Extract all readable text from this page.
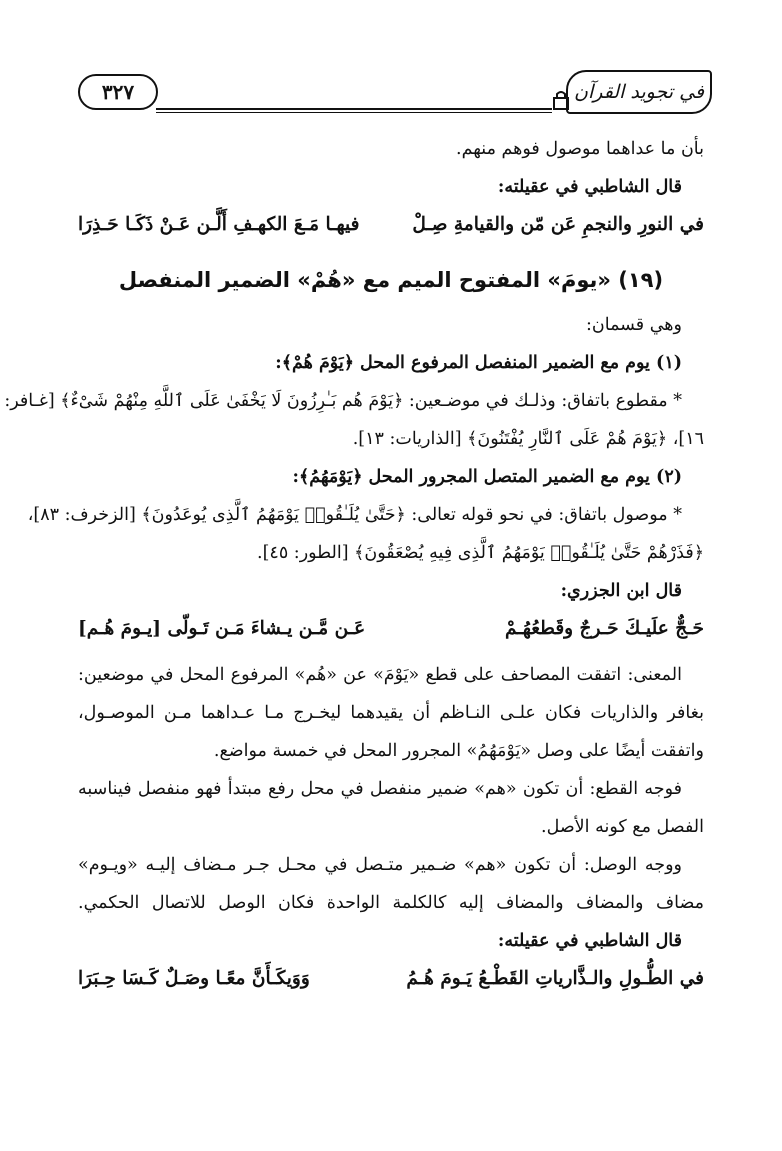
في تجويد القرآن
٣٢٧
بأن ما عداهما موصول فوهم منهم.
قال الشاطبي في عقيلته:
في النورِ والنجمِ عَن مّن والقيامةِ صِـلْ
فيهـا مَـعَ الكهـفِ أَلَّـن عَـنْ ذَكَـا حَـذِرَا
(١٩) «يومَ» المفتوح الميم مع «هُمْ» الضمير المنفصل
وهي قسمان:
(١) يوم مع الضمير المنفصل المرفوع المحل ﴿يَوْمَ هُمْ﴾:
* مقطوع باتفاق: وذلـك في موضـعين: ﴿يَوْمَ هُم بَـٰرِزُونَ لَا يَخْفَىٰ عَلَى ٱللَّهِ مِنْهُمْ شَىْءٌ﴾ [غـافر:
١٦]، ﴿يَوْمَ هُمْ عَلَى ٱلنَّارِ يُفْتَنُونَ﴾ [الذاريات: ١٣].
(٢) يوم مع الضمير المتصل المجرور المحل ﴿يَوْمَهُمُ﴾:
* موصول باتفاق: في نحو قوله تعالى: ﴿حَتَّىٰ يُلَـٰقُوا۟ يَوْمَهُمُ ٱلَّذِى يُوعَدُونَ﴾ [الزخرف: ٨٣]،
﴿فَذَرْهُمْ حَتَّىٰ يُلَـٰقُوا۟ يَوْمَهُمُ ٱلَّذِى فِيهِ يُصْعَقُونَ﴾ [الطور: ٤٥].
قال ابن الجزري:
حَـجٌّ علَيـكَ حَـرجٌ وقَطعُهُـمْ
عَـن مَّـن يـشاءَ مَـن تَـولّى [يـومَ هُـم]
المعنى: اتفقت المصاحف على قطع «يَوْمَ» عن «هُم» المرفوع المحل في موضعين:
بغافر والذاريات فكان علـى النـاظم أن يقيدهما ليخـرج مـا عـداهما مـن الموصـول،
واتفقت أيضًا على وصل «يَوْمَهُمُ» المجرور المحل في خمسة مواضع.
فوجه القطع: أن تكون «هم» ضمير منفصل في محل رفع مبتدأ فهو منفصل فيناسبه
الفصل مع كونه الأصل.
ووجه الوصل: أن تكون «هم» ضـمير متـصل في محـل جـر مـضاف إليـه «ويـوم»
مضاف والمضاف والمضاف إليه كالكلمة الواحدة فكان الوصل للاتصال الحكمي.
قال الشاطبي في عقيلته:
في الطُّـولِ والـذَّارياتِ القَطْـعُ يَـومَ هُـمُ
وَوَيكَـأَنَّ معًـا وصَـلٌ كَـسَا حِـبَرَا
